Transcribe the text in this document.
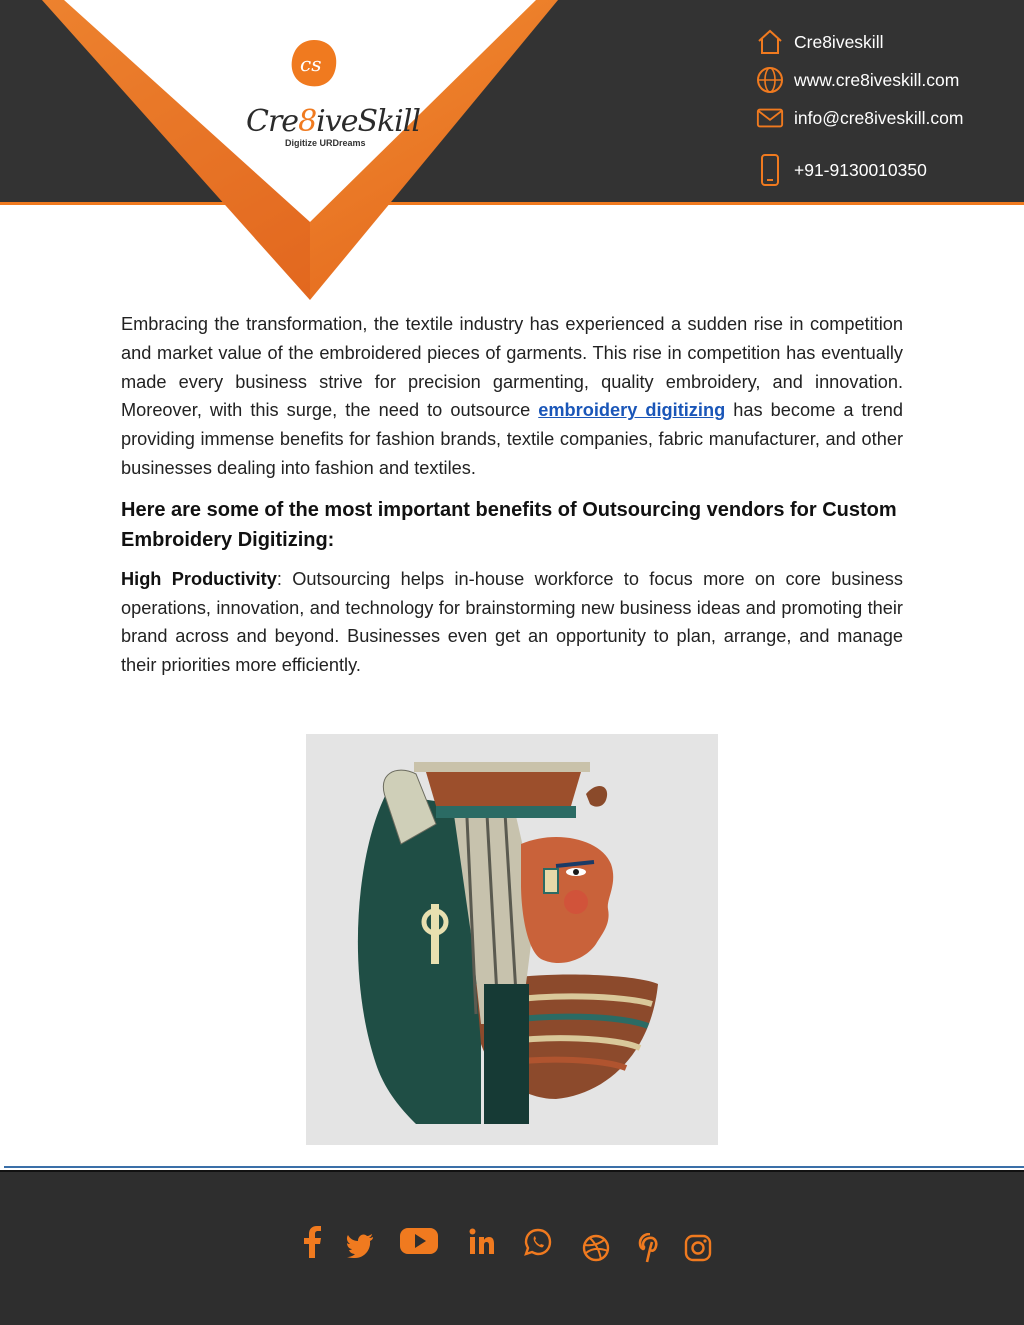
Cre8iveskill
www.cre8iveskill.com
info@cre8iveskill.com
+91-9130010350
cs
Cre8iveSkill
Digitize URDreams

Embracing the transformation, the textile industry has experienced a sudden rise in competition and market value of the embroidered pieces of garments. This rise in competition has eventually made every business strive for precision garmenting, quality embroidery, and innovation. Moreover, with this surge, the need to outsource embroidery digitizing has become a trend providing immense benefits for fashion brands, textile companies, fabric manufacturer, and other businesses dealing into fashion and textiles.

Here are some of the most important benefits of Outsourcing vendors for Custom Embroidery Digitizing:

High Productivity: Outsourcing helps in-house workforce to focus more on core business operations, innovation, and technology for brainstorming new business ideas and promoting their brand across and beyond. Businesses even get an opportunity to plan, arrange, and manage their priorities more efficiently.
